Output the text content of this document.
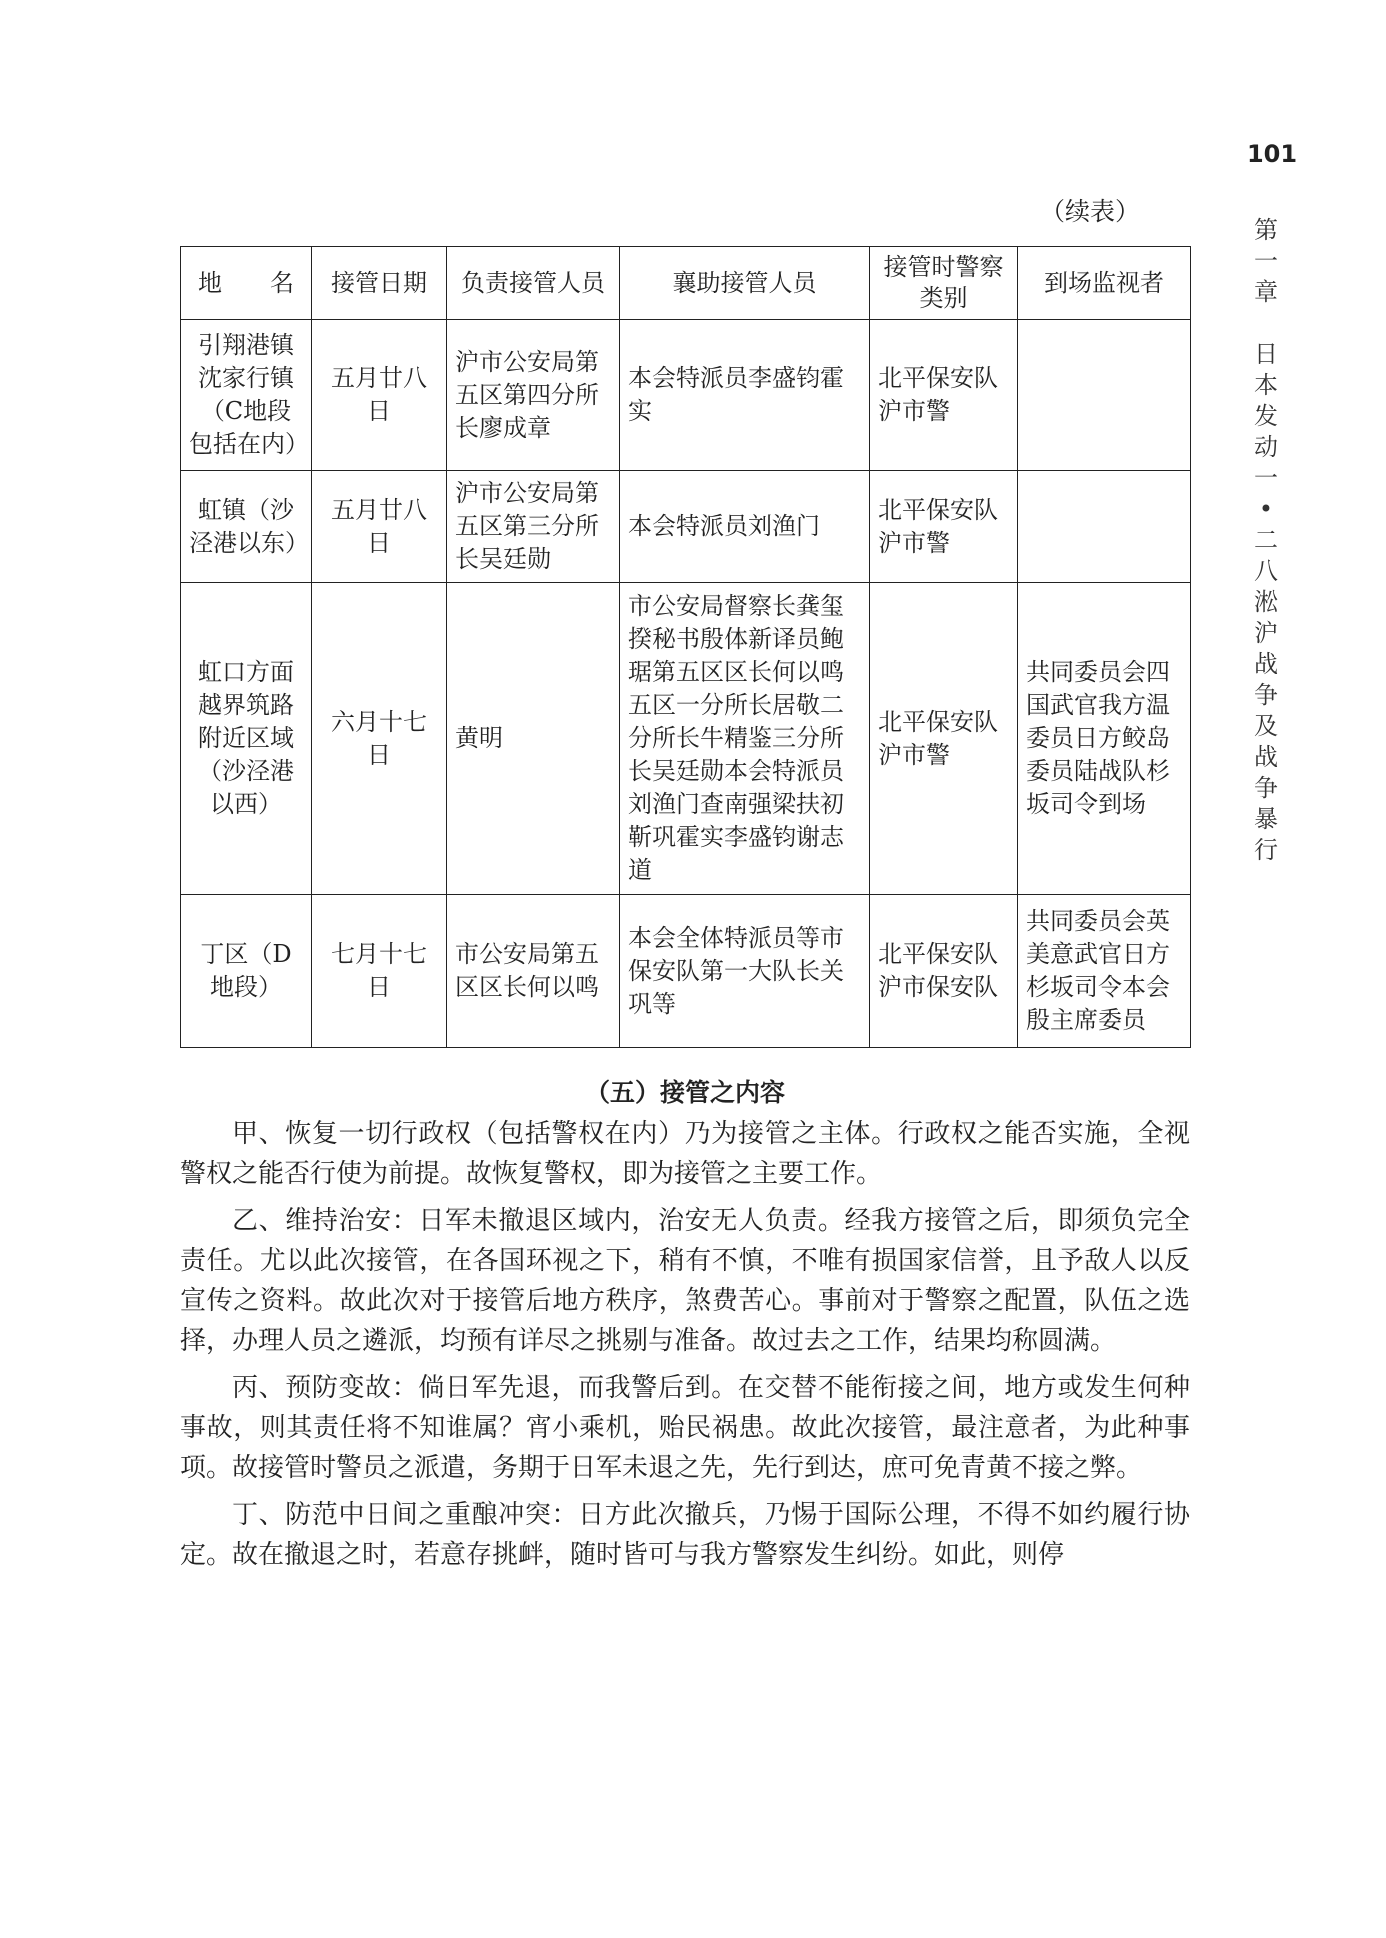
101
第
一
章

日
本
发
动
一
•
二
八
淞
沪
战
争
及
战
争
暴
行
（续表）
地　　名	接管日期	负责接管人员	襄助接管人员	接管时警察类别	到场监视者
引翔港镇沈家行镇（C地段包括在内）	五月廿八日	沪市公安局第五区第四分所长廖成章	本会特派员李盛钧霍实	北平保安队沪市警	
虹镇（沙泾港以东）	五月廿八日	沪市公安局第五区第三分所长吴廷勋	本会特派员刘渔门	北平保安队沪市警	
虹口方面越界筑路附近区域（沙泾港以西）	六月十七日	黄明	市公安局督察长龚玺揆秘书殷体新译员鲍琚第五区区长何以鸣五区一分所长居敬二分所长牛精鉴三分所长吴廷勋本会特派员刘渔门查南强梁扶初靳巩霍实李盛钧谢志道	北平保安队沪市警	共同委员会四国武官我方温委员日方鲛岛委员陆战队杉坂司令到场
丁区（D地段）	七月十七日	市公安局第五区区长何以鸣	本会全体特派员等市保安队第一大队长关巩等	北平保安队沪市保安队	共同委员会英美意武官日方杉坂司令本会殷主席委员
（五）接管之内容

甲、恢复一切行政权（包括警权在内）乃为接管之主体。行政权之能否实施，全视警权之能否行使为前提。故恢复警权，即为接管之主要工作。

乙、维持治安：日军未撤退区域内，治安无人负责。经我方接管之后，即须负完全责任。尤以此次接管，在各国环视之下，稍有不慎，不唯有损国家信誉，且予敌人以反宣传之资料。故此次对于接管后地方秩序，煞费苦心。事前对于警察之配置，队伍之选择，办理人员之遴派，均预有详尽之挑剔与准备。故过去之工作，结果均称圆满。

丙、预防变故：倘日军先退，而我警后到。在交替不能衔接之间，地方或发生何种事故，则其责任将不知谁属？宵小乘机，贻民祸患。故此次接管，最注意者，为此种事项。故接管时警员之派遣，务期于日军未退之先，先行到达，庶可免青黄不接之弊。

丁、防范中日间之重酿冲突：日方此次撤兵，乃惕于国际公理，不得不如约履行协定。故在撤退之时，若意存挑衅，随时皆可与我方警察发生纠纷。如此，则停
